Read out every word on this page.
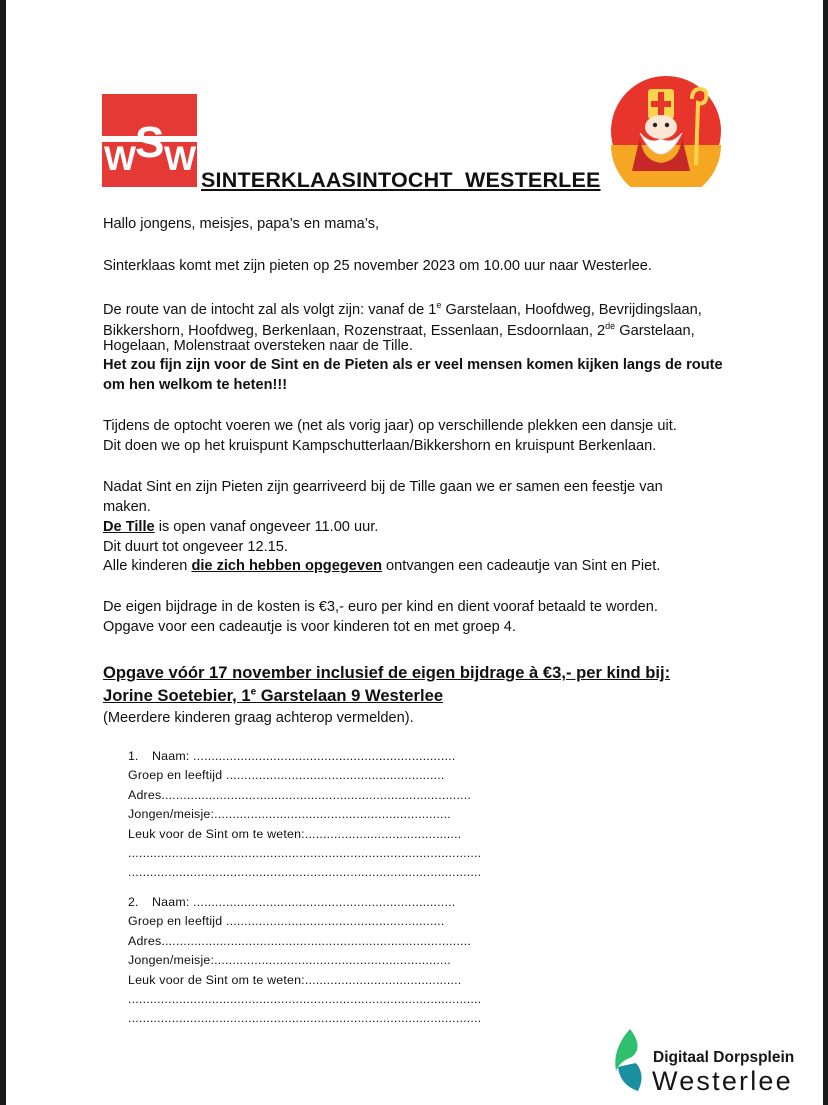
W W
S
SINTERKLAASINTOCHT  WESTERLEE
Hallo jongens, meisjes, papa’s en mama’s,
Sinterklaas komt met zijn pieten op 25 november 2023 om 10.00 uur naar Westerlee.
De route van de intocht zal als volgt zijn: vanaf de 1e Garstelaan, Hoofdweg, Bevrijdingslaan,
Bikkershorn, Hoofdweg, Berkenlaan, Rozenstraat, Essenlaan, Esdoornlaan, 2de Garstelaan,
Hogelaan, Molenstraat oversteken naar de Tille.
Het zou fijn zijn voor de Sint en de Pieten als er veel mensen komen kijken langs de route
om hen welkom te heten!!!
Tijdens de optocht voeren we (net als vorig jaar) op verschillende plekken een dansje uit.
Dit doen we op het kruispunt Kampschutterlaan/Bikkershorn en kruispunt Berkenlaan.
Nadat Sint en zijn Pieten zijn gearriveerd bij de Tille gaan we er samen een feestje van
maken.
De Tille is open vanaf ongeveer 11.00 uur.
Dit duurt tot ongeveer 12.15.
Alle kinderen die zich hebben opgegeven ontvangen een cadeautje van Sint en Piet.
De eigen bijdrage in de kosten is €3,- euro per kind en dient vooraf betaald te worden.
Opgave voor een cadeautje is voor kinderen tot en met groep 4.
Opgave vóór 17 november inclusief de eigen bijdrage à €3,- per kind bij:
Jorine Soetebier, 1e Garstelaan 9 Westerlee
(Meerdere kinderen graag achterop vermelden).
1. Naam: ........................................................................
Groep en leeftijd ............................................................
Adres.....................................................................................
Jongen/meisje:.................................................................
Leuk voor de Sint om te weten:...........................................
.................................................................................................
.................................................................................................
2. Naam: ........................................................................
Groep en leeftijd ............................................................
Adres.....................................................................................
Jongen/meisje:.................................................................
Leuk voor de Sint om te weten:...........................................
.................................................................................................
.................................................................................................
Digitaal Dorpsplein
Westerlee
